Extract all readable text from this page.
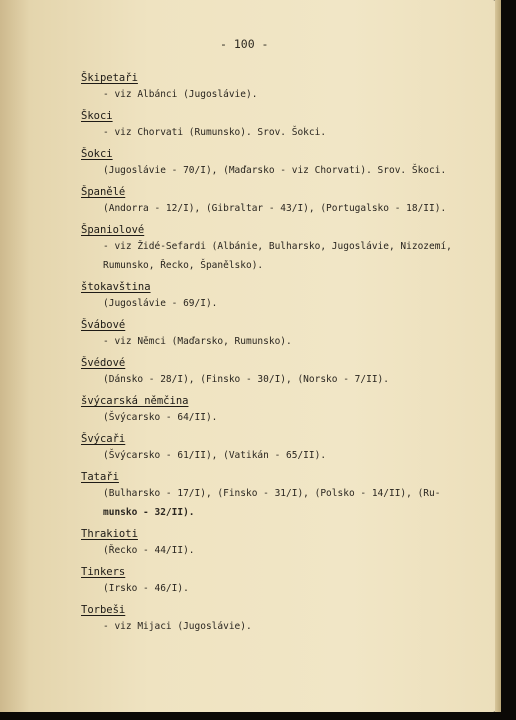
- 100 -
Škipetaři
- viz Albánci (Jugoslávie).
Škoci
- viz Chorvati (Rumunsko). Srov. Šokci.
Šokci
(Jugoslávie - 70/I), (Maďarsko - viz Chorvati). Srov. Škoci.
Španělé
(Andorra - 12/I), (Gibraltar - 43/I), (Portugalsko - 18/II).
Španiolové
- viz Židé-Sefardi (Albánie, Bulharsko, Jugoslávie, Nizozemí,
Rumunsko, Řecko, Španělsko).
štokavština
(Jugoslávie - 69/I).
Švábové
- viz Němci (Maďarsko, Rumunsko).
Švédové
(Dánsko - 28/I), (Finsko - 30/I), (Norsko - 7/II).
švýcarská němčina
(Švýcarsko - 64/II).
Švýcaři
(Švýcarsko - 61/II), (Vatikán - 65/II).
Tataři
(Bulharsko - 17/I), (Finsko - 31/I), (Polsko - 14/II), (Ru-
munsko - 32/II).
Thrakioti
(Řecko - 44/II).
Tinkers
(Irsko - 46/I).
Torbeši
- viz Mijaci (Jugoslávie).
